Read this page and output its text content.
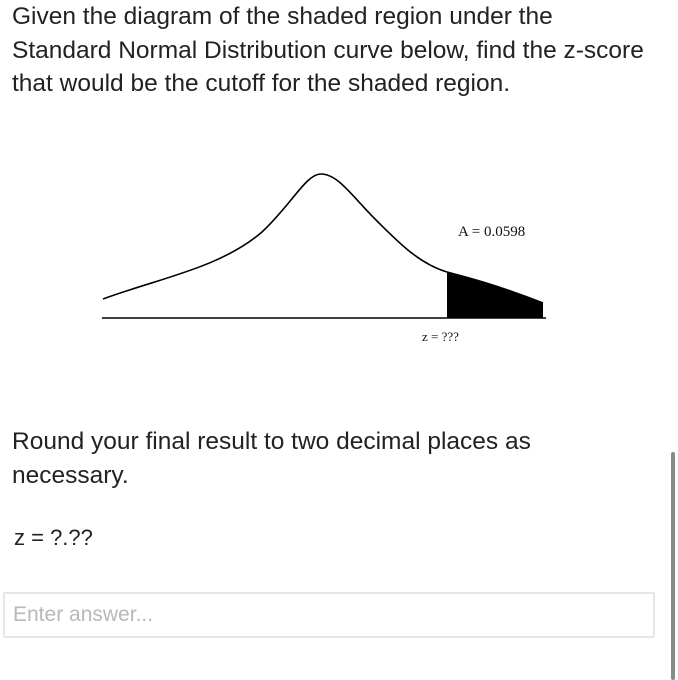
Given the diagram of the shaded region under the Standard Normal Distribution curve below, find the z-score that would be the cutoff for the shaded region.

A = 0.0598
z = ???

Round your final result to two decimal places as necessary.

z = ?.??

Enter answer...
